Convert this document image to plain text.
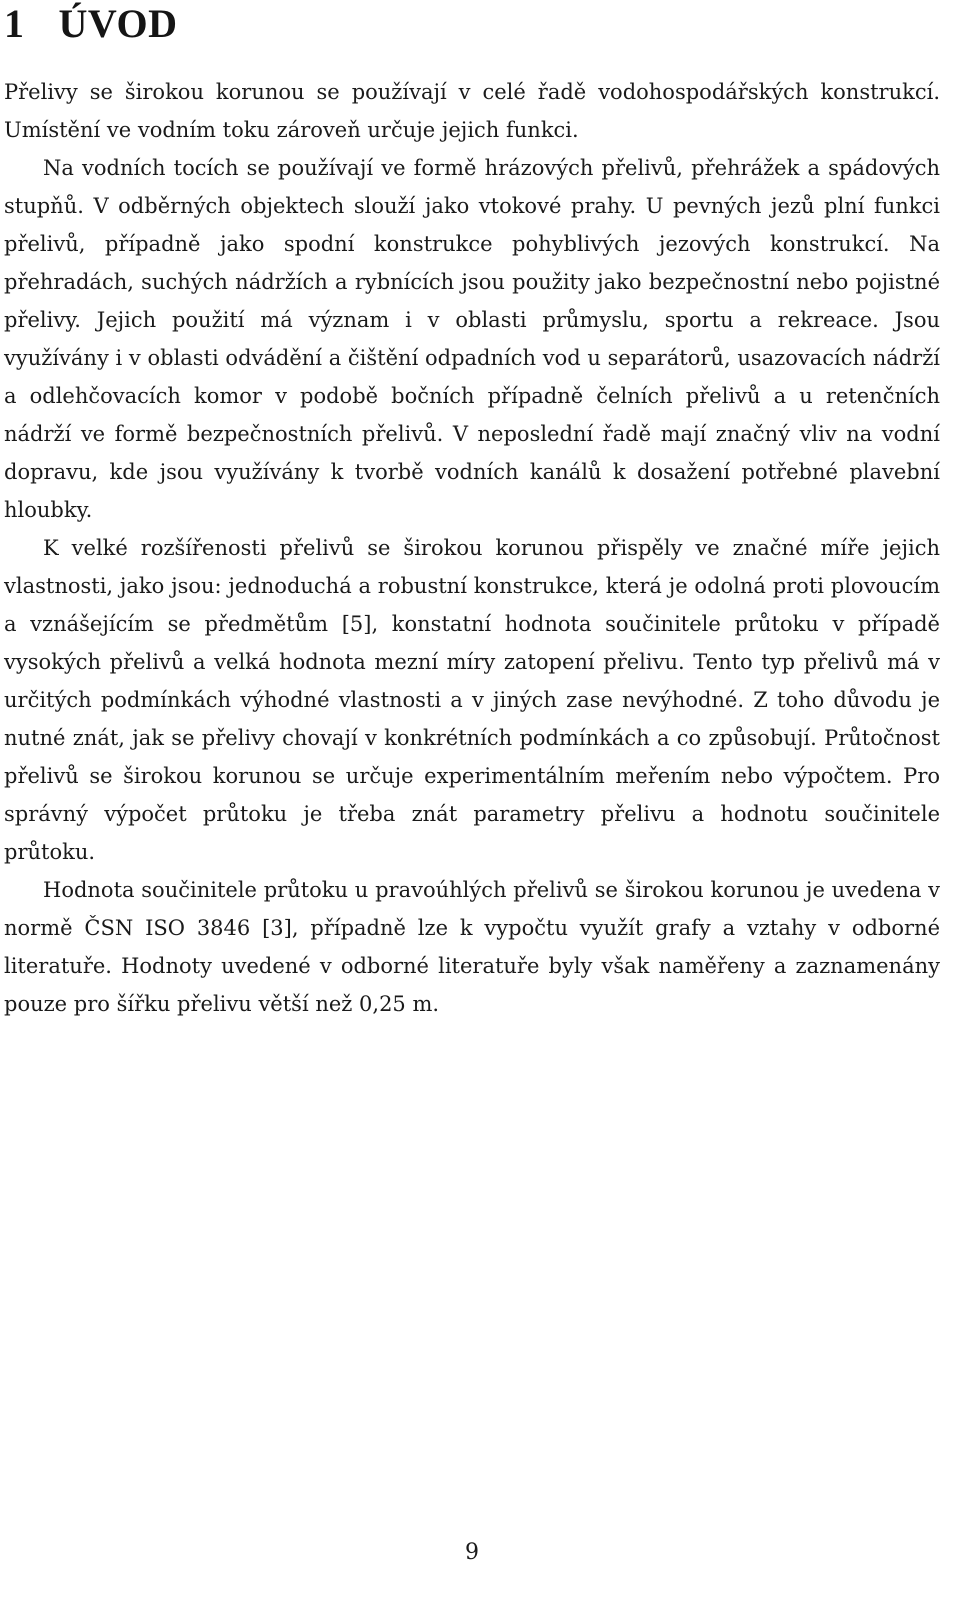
1 ÚVOD

Přelivy se širokou korunou se používají v celé řadě vodohospodářských konstrukcí. Umístění ve vodním toku zároveň určuje jejich funkci.

Na vodních tocích se používají ve formě hrázových přelivů, přehrážek a spádových stupňů. V odběrných objektech slouží jako vtokové prahy. U pevných jezů plní funkci přelivů, případně jako spodní konstrukce pohyblivých jezových konstrukcí. Na přehradách, suchých nádržích a rybnících jsou použity jako bezpečnostní nebo pojistné přelivy. Jejich použití má význam i v oblasti průmyslu, sportu a rekreace. Jsou využívány i v oblasti odvádění a čištění odpadních vod u separátorů, usazovacích nádrží a odlehčovacích komor v podobě bočních případně čelních přelivů a u retenčních nádrží ve formě bezpečnostních přelivů. V neposlední řadě mají značný vliv na vodní dopravu, kde jsou využívány k tvorbě vodních kanálů k dosažení potřebné plavební hloubky.

K velké rozšířenosti přelivů se širokou korunou přispěly ve značné míře jejich vlastnosti, jako jsou: jednoduchá a robustní konstrukce, která je odolná proti plovoucím a vznášejícím se předmětům [5], konstatní hodnota součinitele průtoku v případě vysokých přelivů a velká hodnota mezní míry zatopení přelivu. Tento typ přelivů má v určitých podmínkách výhodné vlastnosti a v jiných zase nevýhodné. Z toho důvodu je nutné znát, jak se přelivy chovají v konkrétních podmínkách a co způsobují. Průtočnost přelivů se širokou korunou se určuje experimentálním meřením nebo výpočtem. Pro správný výpočet průtoku je třeba znát parametry přelivu a hodnotu součinitele průtoku.

Hodnota součinitele průtoku u pravoúhlých přelivů se širokou korunou je uvedena v normě ČSN ISO 3846 [3], případně lze k vypočtu využít grafy a vztahy v odborné literatuře. Hodnoty uvedené v odborné literatuře byly však naměřeny a zaznamenány pouze pro šířku přelivu větší než 0,25 m.

9
